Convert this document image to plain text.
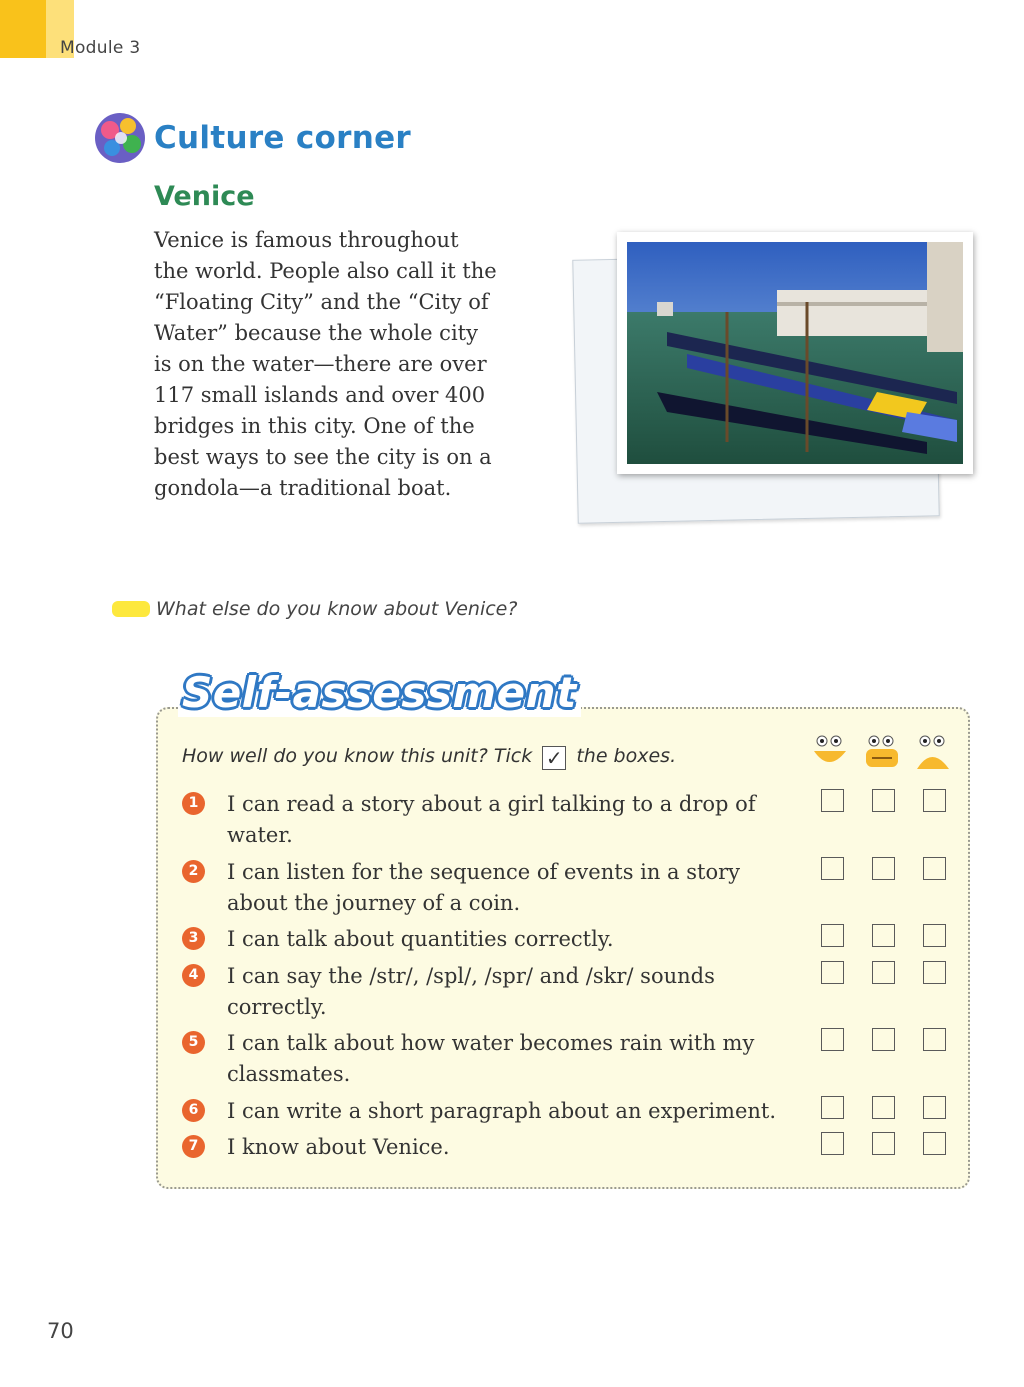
Module 3
Culture corner
Venice
Venice is famous throughout
the world. People also call it the
“Floating City” and the “City of
Water” because the whole city
is on the water—there are over
117 small islands and over 400
bridges in this city. One of the
best ways to see the city is on a
gondola—a traditional boat.
What else do you know about Venice?
Self-assessment
How well do you know this unit? Tick ✓ the boxes.
1	I can read a story about a girl talking to a drop of
water.
2	I can listen for the sequence of events in a story
about the journey of a coin.
3	I can talk about quantities correctly.
4	I can say the /str/, /spl/, /spr/ and /skr/ sounds
correctly.
5	I can talk about how water becomes rain with my
classmates.
6	I can write a short paragraph about an experiment.
7	I know about Venice.
70
